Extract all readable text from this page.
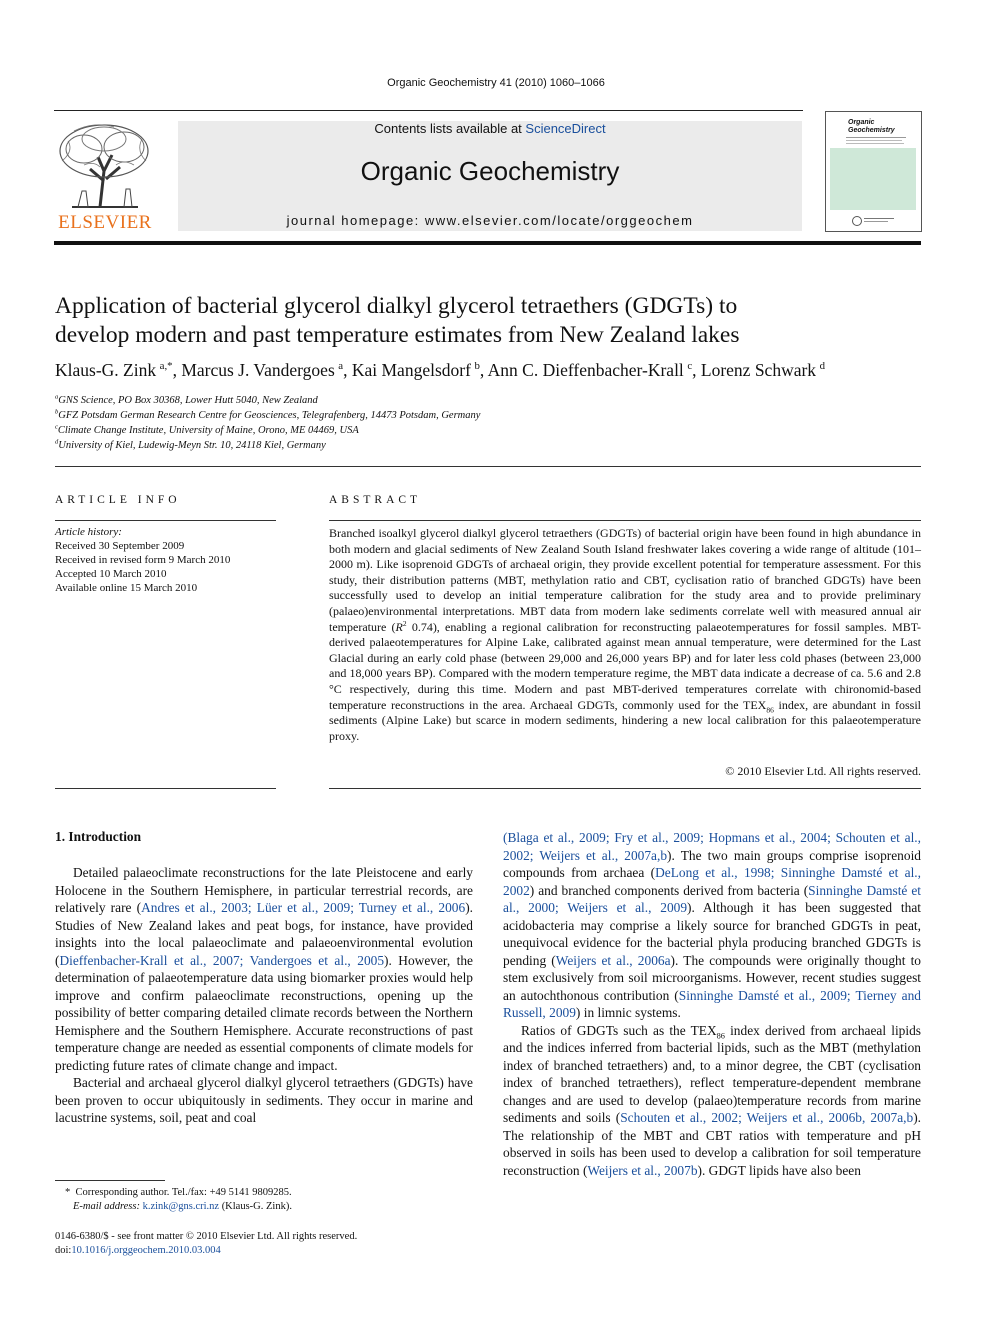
Organic Geochemistry 41 (2010) 1060–1066
ELSEVIER
Contents lists available at ScienceDirect
Organic Geochemistry
journal homepage: www.elsevier.com/locate/orggeochem
Organic
Geochemistry
Application of bacterial glycerol dialkyl glycerol tetraethers (GDGTs) to
develop modern and past temperature estimates from New Zealand lakes
Klaus-G. Zink  $^{a,*}$, Marcus J. Vandergoes  $^a$, Kai Mangelsdorf  $^b$, Ann C. Dieffenbacher-Krall  $^c$, Lorenz Schwark  $^d$
$^a$GNS Science, PO Box 30368, Lower Hutt 5040, New Zealand
$^b$GFZ Potsdam German Research Centre for Geosciences, Telegrafenberg, 14473 Potsdam, Germany
$^c$Climate Change Institute, University of Maine, Orono, ME 04469, USA
$^d$University of Kiel, Ludewig-Meyn Str. 10, 24118 Kiel, Germany
ARTICLE INFO
Article history:
Received 30 September 2009
Received in revised form 9 March 2010
Accepted 10 March 2010
Available online 15 March 2010
ABSTRACT
Branched isoalkyl glycerol dialkyl glycerol tetraethers (GDGTs) of bacterial origin have been found in high abundance in both modern and glacial sediments of New Zealand South Island freshwater lakes covering a wide range of altitude (101–2000 m). Like isoprenoid GDGTs of archaeal origin, they provide excellent potential for temperature assessment. For this study, their distribution patterns (MBT, methylation ratio and CBT, cyclisation ratio of branched GDGTs) have been successfully used to develop an initial temperature calibration for the study area and to provide preliminary (palaeo)environmental interpretations. MBT data from modern lake sediments correlate well with measured annual air temperature ($R^2$ 0.74), enabling a regional calibration for reconstructing palaeotemperatures for fossil samples. MBT-derived palaeotemperatures for Alpine Lake, calibrated against mean annual temperature, were determined for the Last Glacial during an early cold phase (between 29,000 and 26,000 years BP) and for later less cold phases (between 23,000 and 18,000 years BP). Compared with the modern temperature regime, the MBT data indicate a decrease of ca. 5.6 and 2.8 °C respectively, during this time. Modern and past MBT-derived temperatures correlate with chironomid-based temperature reconstructions in the area. Archaeal GDGTs, commonly used for the $TEX_{86}$ index, are abundant in fossil sediments (Alpine Lake) but scarce in modern sediments, hindering a new local calibration for this palaeotemperature proxy.
© 2010 Elsevier Ltd. All rights reserved.
1. Introduction

Detailed palaeoclimate reconstructions for the late Pleistocene and early Holocene in the Southern Hemisphere, in particular terrestrial records, are relatively rare (Andres et al., 2003; Lüer et al., 2009; Turney et al., 2006). Studies of New Zealand lakes and peat bogs, for instance, have provided insights into the local palaeoclimate and palaeoenvironmental evolution (Dieffenbacher-Krall et al., 2007; Vandergoes et al., 2005). However, the determination of palaeotemperature data using biomarker proxies would help improve and confirm palaeoclimate reconstructions, opening up the possibility of better comparing detailed climate records between the Northern Hemisphere and the Southern Hemisphere. Accurate reconstructions of past temperature change are needed as essential components of climate models for predicting future rates of climate change and impact.

Bacterial and archaeal glycerol dialkyl glycerol tetraethers (GDGTs) have been proven to occur ubiquitously in sediments. They occur in marine and lacustrine systems, soil, peat and coal

(Blaga et al., 2009; Fry et al., 2009; Hopmans et al., 2004; Schouten et al., 2002; Weijers et al., 2007a,b). The two main groups comprise isoprenoid compounds from archaea (DeLong et al., 1998; Sinninghe Damsté et al., 2002) and branched components derived from bacteria (Sinninghe Damsté et al., 2000; Weijers et al., 2009). Although it has been suggested that acidobacteria may comprise a likely source for branched GDGTs in peat, unequivocal evidence for the bacterial phyla producing branched GDGTs is pending (Weijers et al., 2006a). The compounds were originally thought to stem exclusively from soil microorganisms. However, recent studies suggest an autochthonous contribution (Sinninghe Damsté et al., 2009; Tierney and Russell, 2009) in limnic systems.

Ratios of GDGTs such as the $TEX_{86}$ index derived from archaeal lipids and the indices inferred from bacterial lipids, such as the MBT (methylation index of branched tetraethers) and, to a minor degree, the CBT (cyclisation index of branched tetraethers), reflect temperature-dependent membrane changes and are used to develop (palaeo)temperature records from marine sediments and soils (Schouten et al., 2002; Weijers et al., 2006b, 2007a,b). The relationship of the MBT and CBT ratios with temperature and pH observed in soils has been used to develop a calibration for soil temperature reconstruction (Weijers et al., 2007b). GDGT lipids have also been

* Corresponding author. Tel./fax: +49 5141 9809285.
E-mail address: k.zink@gns.cri.nz (Klaus-G. Zink).
0146-6380/$ - see front matter © 2010 Elsevier Ltd. All rights reserved.
doi:10.1016/j.orggeochem.2010.03.004
